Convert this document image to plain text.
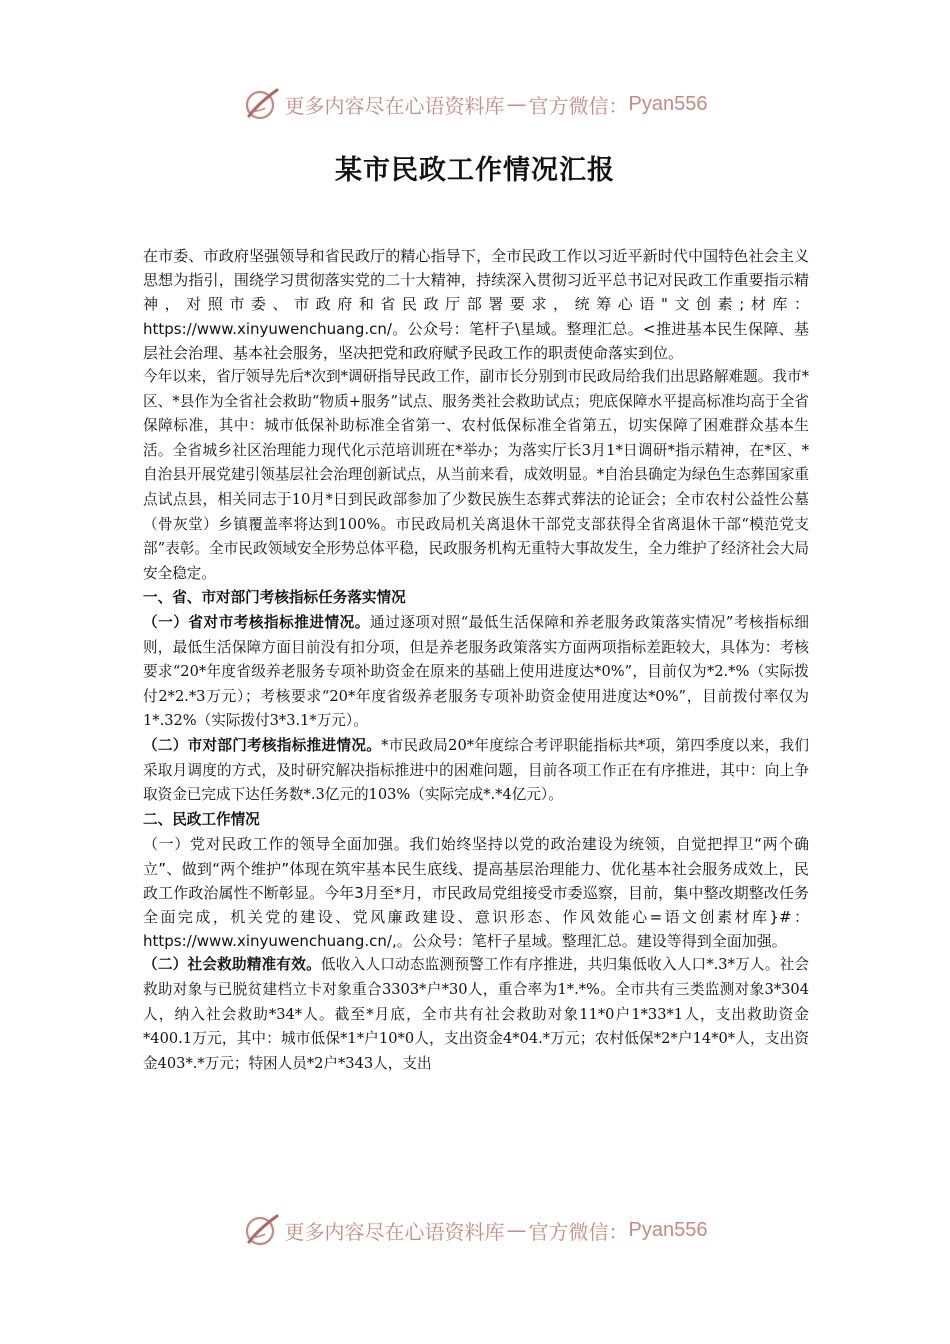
更多内容尽在心语资料库 — 官方微信： Pyan556
某市民政工作情况汇报

在市委、市政府坚强领导和省民政厅的精心指导下，全市民政工作以习近平新时代中国特色社会主义思想为指引，围绕学习贯彻落实党的二十大精神，持续深入贯彻习近平总书记对民政工作重要指示精神，对照市委、市政府和省民政厅部署要求，统筹心语"文创素;材库：https://www.xinyuwenchuang.cn/。公众号：笔杆子\星域。整理汇总。<推进基本民生保障、基层社会治理、基本社会服务，坚决把党和政府赋予民政工作的职责使命落实到位。

今年以来，省厅领导先后*次到*调研指导民政工作，副市长分别到市民政局给我们出思路解难题。我市*区、*县作为全省社会救助“物质+服务”试点、服务类社会救助试点；兜底保障水平提高标准均高于全省保障标准，其中：城市低保补助标准全省第一、农村低保标准全省第五，切实保障了困难群众基本生活。全省城乡社区治理能力现代化示范培训班在*举办；为落实厅长3月1*日调研*指示精神，在*区、*自治县开展党建引领基层社会治理创新试点，从当前来看，成效明显。*自治县确定为绿色生态葬国家重点试点县，相关同志于10月*日到民政部参加了少数民族生态葬式葬法的论证会；全市农村公益性公墓（骨灰堂）乡镇覆盖率将达到100%。市民政局机关离退休干部党支部获得全省离退休干部“模范党支部”表彰。全市民政领域安全形势总体平稳，民政服务机构无重特大事故发生，全力维护了经济社会大局安全稳定。

一、省、市对部门考核指标任务落实情况

（一）省对市考核指标推进情况。通过逐项对照“最低生活保障和养老服务政策落实情况”考核指标细则，最低生活保障方面目前没有扣分项，但是养老服务政策落实方面两项指标差距较大，具体为：考核要求“20*年度省级养老服务专项补助资金在原来的基础上使用进度达*0%”，目前仅为*2.*%（实际拨付2*2.*3万元）；考核要求“20*年度省级养老服务专项补助资金使用进度达*0%”，目前拨付率仅为1*.32%（实际拨付3*3.1*万元）。

（二）市对部门考核指标推进情况。*市民政局20*年度综合考评职能指标共*项，第四季度以来，我们采取月调度的方式，及时研究解决指标推进中的困难问题，目前各项工作正在有序推进，其中：向上争取资金已完成下达任务数*.3亿元的103%（实际完成*.*4亿元）。

二、民政工作情况

（一）党对民政工作的领导全面加强。我们始终坚持以党的政治建设为统领，自觉把捍卫“两个确立”、做到“两个维护”体现在筑牢基本民生底线、提高基层治理能力、优化基本社会服务成效上，民政工作政治属性不断彰显。今年3月至*月，市民政局党组接受市委巡察，目前，集中整改期整改任务全面完成，机关党的建设、党风廉政建设、意识形态、作风效能心=语文创素材库}#：https://www.xinyuwenchuang.cn/,。公众号：笔杆子星域。整理汇总。建设等得到全面加强。

（二）社会救助精准有效。低收入人口动态监测预警工作有序推进，共归集低收入人口*.3*万人。社会救助对象与已脱贫建档立卡对象重合3303*户*30人，重合率为1*.*%。全市共有三类监测对象3*304人，纳入社会救助*34*人。截至*月底，全市共有社会救助对象11*0户1*33*1人，支出救助资金*400.1万元，其中：城市低保*1*户10*0人，支出资金4*04.*万元；农村低保*2*户14*0*人，支出资金403*.*万元；特困人员*2户*343人，支出

更多内容尽在心语资料库 — 官方微信： Pyan556
